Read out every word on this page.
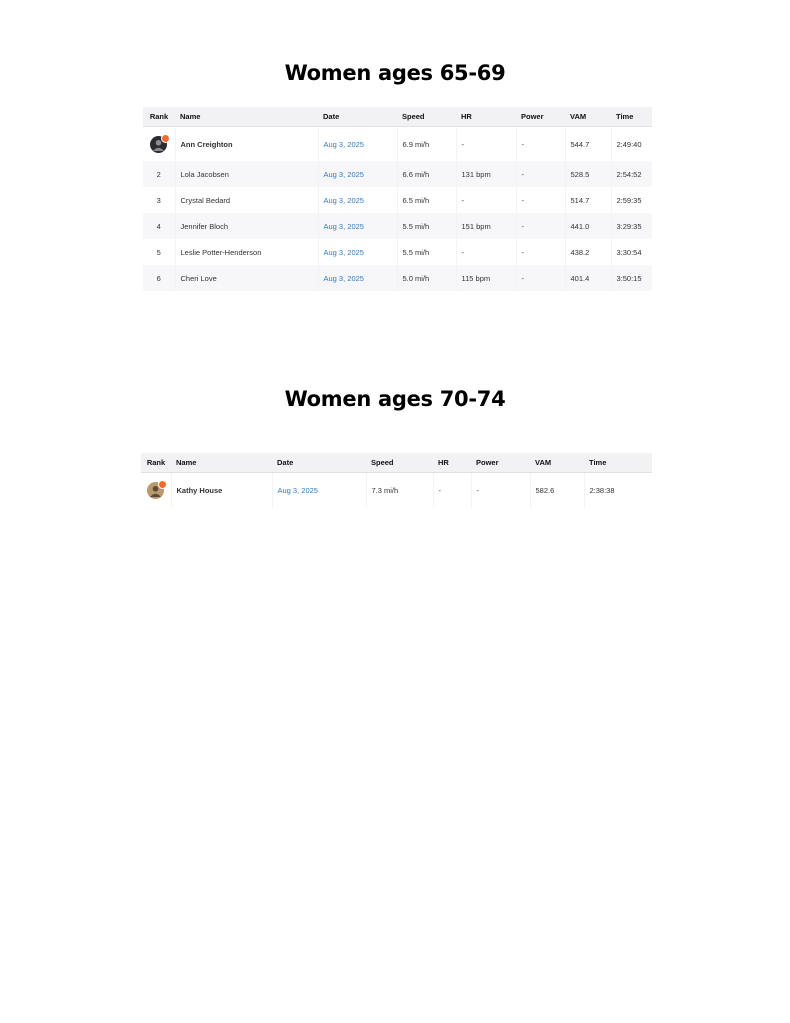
Women ages 65-69
Rank	Name	Date	Speed	HR	Power	VAM	Time

	Ann Creighton	Aug 3, 2025	6.9 mi/h	-	-	544.7	2:49:40
2	Lola Jacobsen	Aug 3, 2025	6.6 mi/h	131 bpm	-	528.5	2:54:52
3	Crystal Bedard	Aug 3, 2025	6.5 mi/h	-	-	514.7	2:59:35
4	Jennifer Bloch	Aug 3, 2025	5.5 mi/h	151 bpm	-	441.0	3:29:35
5	Leslie Potter-Henderson	Aug 3, 2025	5.5 mi/h	-	-	438.2	3:30:54
6	Cheri Love	Aug 3, 2025	5.0 mi/h	115 bpm	-	401.4	3:50:15
Women ages 70-74
Rank	Name	Date	Speed	HR	Power	VAM	Time

	Kathy House	Aug 3, 2025	7.3 mi/h	-	-	582.6	2:38:38
